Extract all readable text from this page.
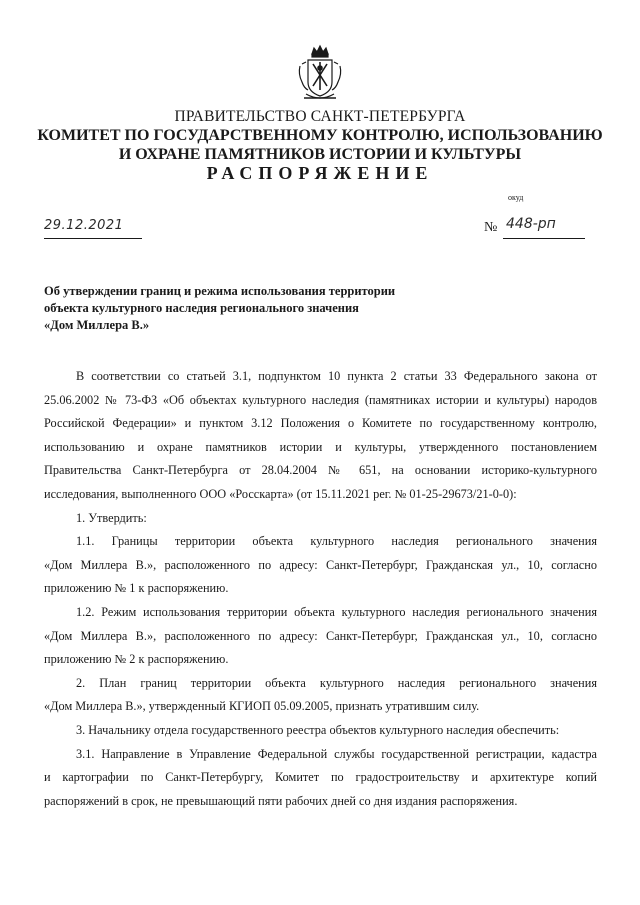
ПРАВИТЕЛЬСТВО САНКТ-ПЕТЕРБУРГА
КОМИТЕТ ПО ГОСУДАРСТВЕННОМУ КОНТРОЛЮ, ИСПОЛЬЗОВАНИЮ
И ОХРАНЕ ПАМЯТНИКОВ ИСТОРИИ И КУЛЬТУРЫ
РАСПОРЯЖЕНИЕ
окуд
29.12.2021	№ 448-рп
Об утверждении границ и режима использования территории
объекта культурного наследия регионального значения
«Дом Миллера В.»
В соответствии со статьей 3.1, подпунктом 10 пункта 2 статьи 33 Федерального закона от
25.06.2002 № 73-ФЗ «Об объектах культурного наследия (памятниках истории и культуры) народов
Российской Федерации» и пунктом 3.12 Положения о Комитете по государственному контролю,
использованию и охране памятников истории и культуры, утвержденного постановлением
Правительства Санкт-Петербурга от 28.04.2004 № 651, на основании историко-культурного
исследования, выполненного ООО «Росскарта» (от 15.11.2021 рег. № 01-25-29673/21-0-0):
1. Утвердить:
1.1. Границы территории объекта культурного наследия регионального значения
«Дом Миллера В.», расположенного по адресу: Санкт-Петербург, Гражданская ул., 10, согласно
приложению № 1 к распоряжению.
1.2. Режим использования территории объекта культурного наследия регионального значения
«Дом Миллера В.», расположенного по адресу: Санкт-Петербург, Гражданская ул., 10, согласно
приложению № 2 к распоряжению.
2. План границ территории объекта культурного наследия регионального значения
«Дом Миллера В.», утвержденный КГИОП 05.09.2005, признать утратившим силу.
3. Начальнику отдела государственного реестра объектов культурного наследия обеспечить:
3.1. Направление в Управление Федеральной службы государственной регистрации, кадастра
и картографии по Санкт-Петербургу, Комитет по градостроительству и архитектуре копий
распоряжений в срок, не превышающий пяти рабочих дней со дня издания распоряжения.
